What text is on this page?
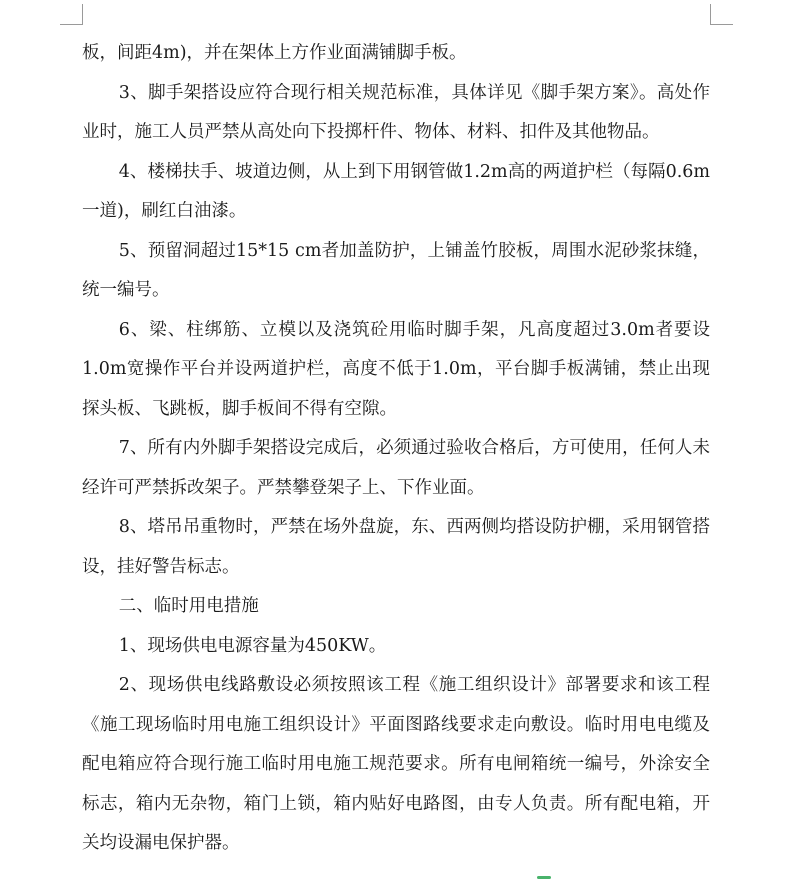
板，间距4m)，并在架体上方作业面满铺脚手板。

3、脚手架搭设应符合现行相关规范标准，具体详见《脚手架方案》。高处作业时，施工人员严禁从高处向下投掷杆件、物体、材料、扣件及其他物品。

4、楼梯扶手、坡道边侧，从上到下用钢管做1.2m高的两道护栏（每隔0.6m一道)，刷红白油漆。

5、预留洞超过15*15 cm者加盖防护，上铺盖竹胶板，周围水泥砂浆抹缝，统一编号。

6、梁、柱绑筋、立模以及浇筑砼用临时脚手架，凡高度超过3.0m者要设1.0m宽操作平台并设两道护栏，高度不低于1.0m，平台脚手板满铺，禁止出现探头板、飞跳板，脚手板间不得有空隙。

7、所有内外脚手架搭设完成后，必须通过验收合格后，方可使用，任何人未经许可严禁拆改架子。严禁攀登架子上、下作业面。

8、塔吊吊重物时，严禁在场外盘旋，东、西两侧均搭设防护棚，采用钢管搭设，挂好警告标志。

二、临时用电措施

1、现场供电电源容量为450KW。

2、现场供电线路敷设必须按照该工程《施工组织设计》部署要求和该工程《施工现场临时用电施工组织设计》平面图路线要求走向敷设。临时用电电缆及配电箱应符合现行施工临时用电施工规范要求。所有电闸箱统一编号，外涂安全标志，箱内无杂物，箱门上锁，箱内贴好电路图，由专人负责。所有配电箱，开关均设漏电保护器。
